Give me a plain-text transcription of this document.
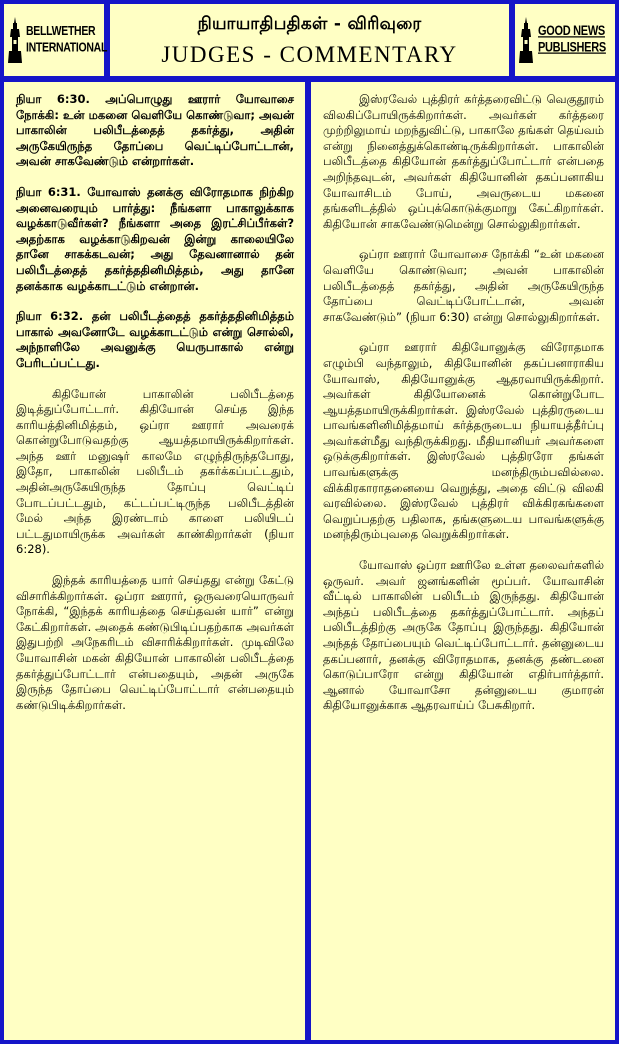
BELLWETHER
INTERNATIONAL
நியாயாதிபதிகள் - விரிவுரை
JUDGES - COMMENTARY
GOOD NEWS
PUBLISHERS

நியா 6:30. அப்பொழுது ஊரார் யோவாசை நோக்கி: உன் மகனை வெளியே கொண்டுவா; அவன் பாகாலின் பலிபீடத்தைத் தகர்த்து, அதின் அருகேயிருந்த தோப்பை வெட்டிப்போட்டான், அவன் சாகவேண்டும் என்றார்கள்.

நியா 6:31. யோவாஸ் தனக்கு விரோதமாக நிற்கிற அனைவரையும் பார்த்து: நீங்களா பாகாலுக்காக வழக்காடுவீர்கள்? நீங்களா அதை இரட்சிப்பீர்கள்? அதற்காக வழக்காடுகிறவன் இன்று காலையிலே தானே சாகக்கடவன்; அது தேவனானால் தன் பலிபீடத்தைத் தகர்த்ததினிமித்தம், அது தானே தனக்காக வழக்காடட்டும் என்றான்.

நியா 6:32. தன் பலிபீடத்தைத் தகர்த்ததினிமித்தம் பாகால் அவனோடே வழக்காடட்டும் என்று சொல்லி, அந்நாளிலே அவனுக்கு யெருபாகால் என்று பேரிடப்பட்டது.

கிதியோன் பாகாலின் பலிபீடத்தை இடித்துப்போட்டார். கிதியோன் செய்த இந்த காரியத்தினிமித்தம், ஒப்ரா ஊரார் அவரைக் கொன்றுபோடுவதற்கு ஆயத்தமாயிருக்கிறார்கள். அந்த ஊர் மனுஷர் காலமே எழுந்திருந்தபோது, இதோ, பாகாலின் பலிபீடம் தகர்க்கப்பட்டதும், அதின்அருகேயிருந்த தோப்பு வெட்டிப் போடப்பட்டதும், கட்டப்பட்டிருந்த பலிபீடத்தின் மேல் அந்த இரண்டாம் காளை பலியிடப் பட்டதுமாயிருக்க அவர்கள் காண்கிறார்கள் (நியா 6:28).

இந்தக் காரியத்தை யார் செய்தது என்று கேட்டு விசாரிக்கிறார்கள். ஒப்ரா ஊரார், ஒருவரையொருவர் நோக்கி, “இந்தக் காரியத்தை செய்தவன் யார்” என்று கேட்கிறார்கள். அதைக் கண்டுபிடிப்பதற்காக அவர்கள் இதுபற்றி அநேகரிடம் விசாரிக்கிறார்கள். முடிவிலே யோவாசின் மகன் கிதியோன் பாகாலின் பலிபீடத்தை தகர்த்துப்போட்டார் என்பதையும், அதன் அருகே இருந்த தோப்பை வெட்டிப்போட்டார் என்பதையும் கண்டுபிடிக்கிறார்கள்.

இஸ்ரவேல் புத்திரர் கர்த்தரைவிட்டு வெகுதூரம் விலகிப்போயிருக்கிறார்கள். அவர்கள் கர்த்தரை முற்றிலுமாய் மறந்துவிட்டு, பாகாலே தங்கள் தெய்வம் என்று நினைத்துக்கொண்டிருக்கிறார்கள். பாகாலின் பலிபீடத்தை கிதியோன் தகர்த்துப்போட்டார் என்பதை அறிந்தவுடன், அவர்கள் கிதியோனின் தகப்பனாகிய யோவாசிடம் போய், அவருடைய மகனை தங்களிடத்தில் ஒப்புக்கொடுக்குமாறு கேட்கிறார்கள். கிதியோன் சாகவேண்டுமென்று சொல்லுகிறார்கள்.

ஒப்ரா ஊரார் யோவாசை நோக்கி “உன் மகனை வெளியே கொண்டுவா; அவன் பாகாலின் பலிபீடத்தைத் தகர்த்து, அதின் அருகேயிருந்த தோப்பை வெட்டிப்போட்டான், அவன் சாகவேண்டும்” (நியா 6:30) என்று சொல்லுகிறார்கள்.

ஒப்ரா ஊரார் கிதியோனுக்கு விரோதமாக எழும்பி வந்தாலும், கிதியோனின் தகப்பனாராகிய யோவாஸ், கிதியோனுக்கு ஆதரவாயிருக்கிறார். அவர்கள் கிதியோனைக் கொன்றுபோட ஆயத்தமாயிருக்கிறார்கள். இஸ்ரவேல் புத்திரருடைய பாவங்களினிமித்தமாய் கர்த்தருடைய நியாயத்தீர்ப்பு அவர்கள்மீது வந்திருக்கிறது. மீதியானியர் அவர்களை ஒடுக்குகிறார்கள். இஸ்ரவேல் புத்திரரோ தங்கள் பாவங்களுக்கு மனந்திரும்பவில்லை. விக்கிரகாராதனையை வெறுத்து, அதை விட்டு விலகி வரவில்லை. இஸ்ரவேல் புத்திரர் விக்கிரகங்களை வெறுப்பதற்கு பதிலாக, தங்களுடைய பாவங்களுக்கு மனந்திரும்புவதை வெறுக்கிறார்கள்.

யோவாஸ் ஒப்ரா ஊரிலே உள்ள தலைவர்களில் ஒருவர். அவர் ஜனங்களின் மூப்பர். யோவாசின் வீட்டில் பாகாலின் பலிபீடம் இருந்தது. கிதியோன் அந்தப் பலிபீடத்தை தகர்த்துப்போட்டார். அந்தப் பலிபீடத்திற்கு அருகே தோப்பு இருந்தது. கிதியோன் அந்தத் தோப்பையும் வெட்டிப்போட்டார். தன்னுடைய தகப்பனார், தனக்கு விரோதமாக, தனக்கு தண்டனை கொடுப்பாரோ என்று கிதியோன் எதிர்பார்த்தார். ஆனால் யோவாசோ தன்னுடைய குமாரன் கிதியோனுக்காக ஆதரவாய்ப் பேசுகிறார்.
